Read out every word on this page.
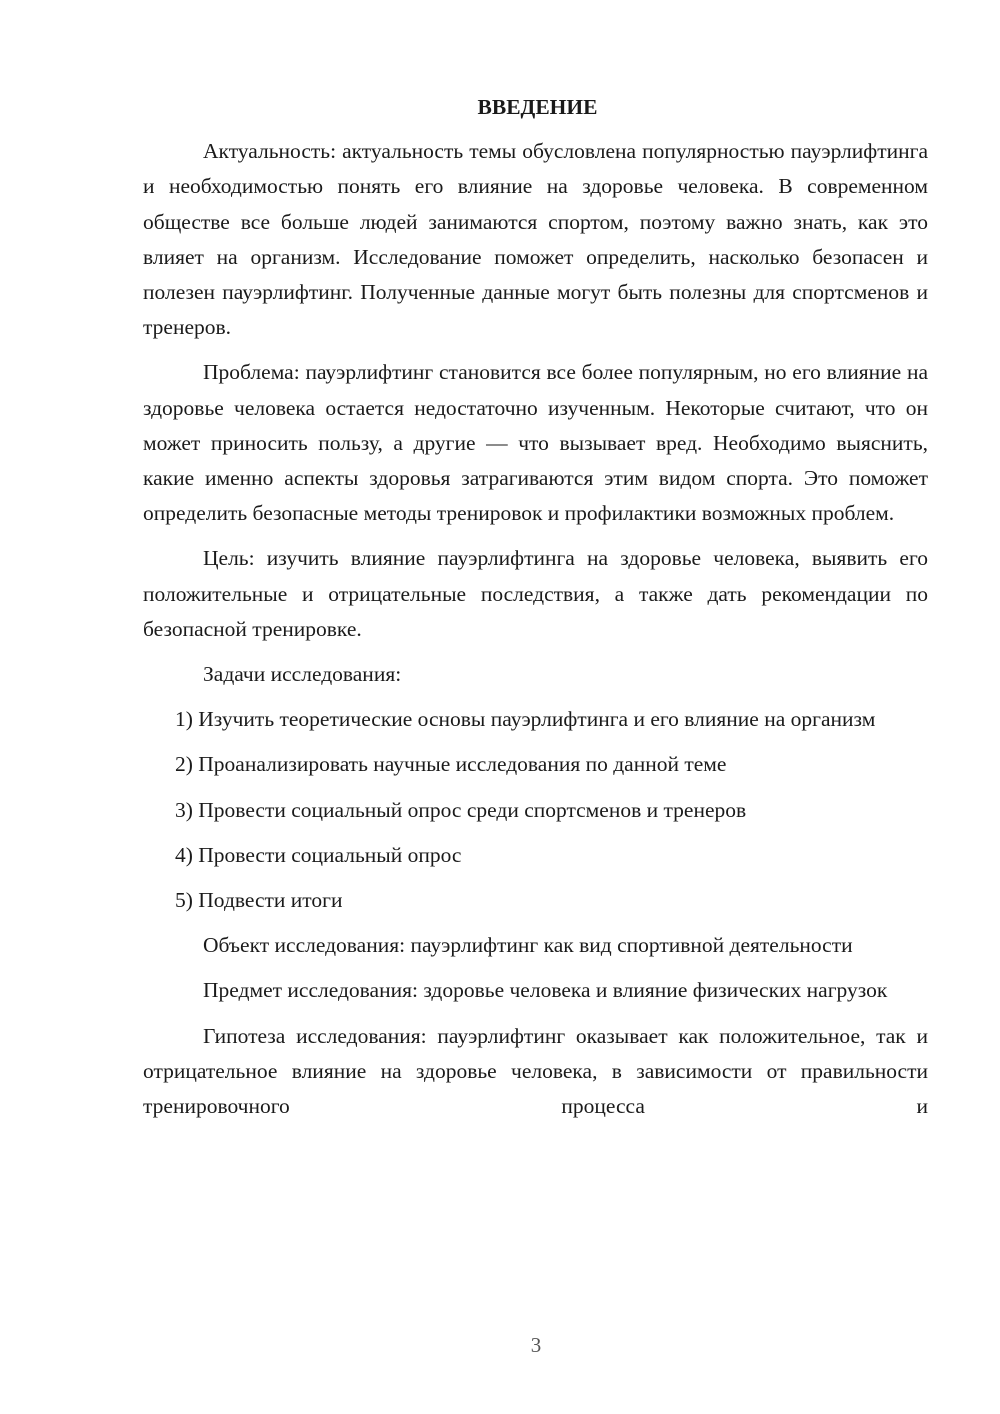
ВВЕДЕНИЕ
Актуальность: актуальность темы обусловлена популярностью пауэрлифтинга и необходимостью понять его влияние на здоровье человека. В современном обществе все больше людей занимаются спортом, поэтому важно знать, как это влияет на организм. Исследование поможет определить, насколько безопасен и полезен пауэрлифтинг. Полученные данные могут быть полезны для спортсменов и тренеров.
Проблема: пауэрлифтинг становится все более популярным, но его влияние на здоровье человека остается недостаточно изученным. Некоторые считают, что он может приносить пользу, а другие — что вызывает вред. Необходимо выяснить, какие именно аспекты здоровья затрагиваются этим видом спорта. Это поможет определить безопасные методы тренировок и профилактики возможных проблем.
Цель: изучить влияние пауэрлифтинга на здоровье человека, выявить его положительные и отрицательные последствия, а также дать рекомендации по безопасной тренировке.
Задачи исследования:
1) Изучить теоретические основы пауэрлифтинга и его влияние на организм
2) Проанализировать научные исследования по данной теме
3) Провести социальный опрос среди спортсменов и тренеров
4) Провести социальный опрос
5) Подвести итоги
Объект исследования: пауэрлифтинг как вид спортивной деятельности
Предмет исследования: здоровье человека и влияние физических нагрузок
Гипотеза исследования: пауэрлифтинг оказывает как положительное, так и отрицательное влияние на здоровье человека, в зависимости от правильности тренировочного процесса и
3
